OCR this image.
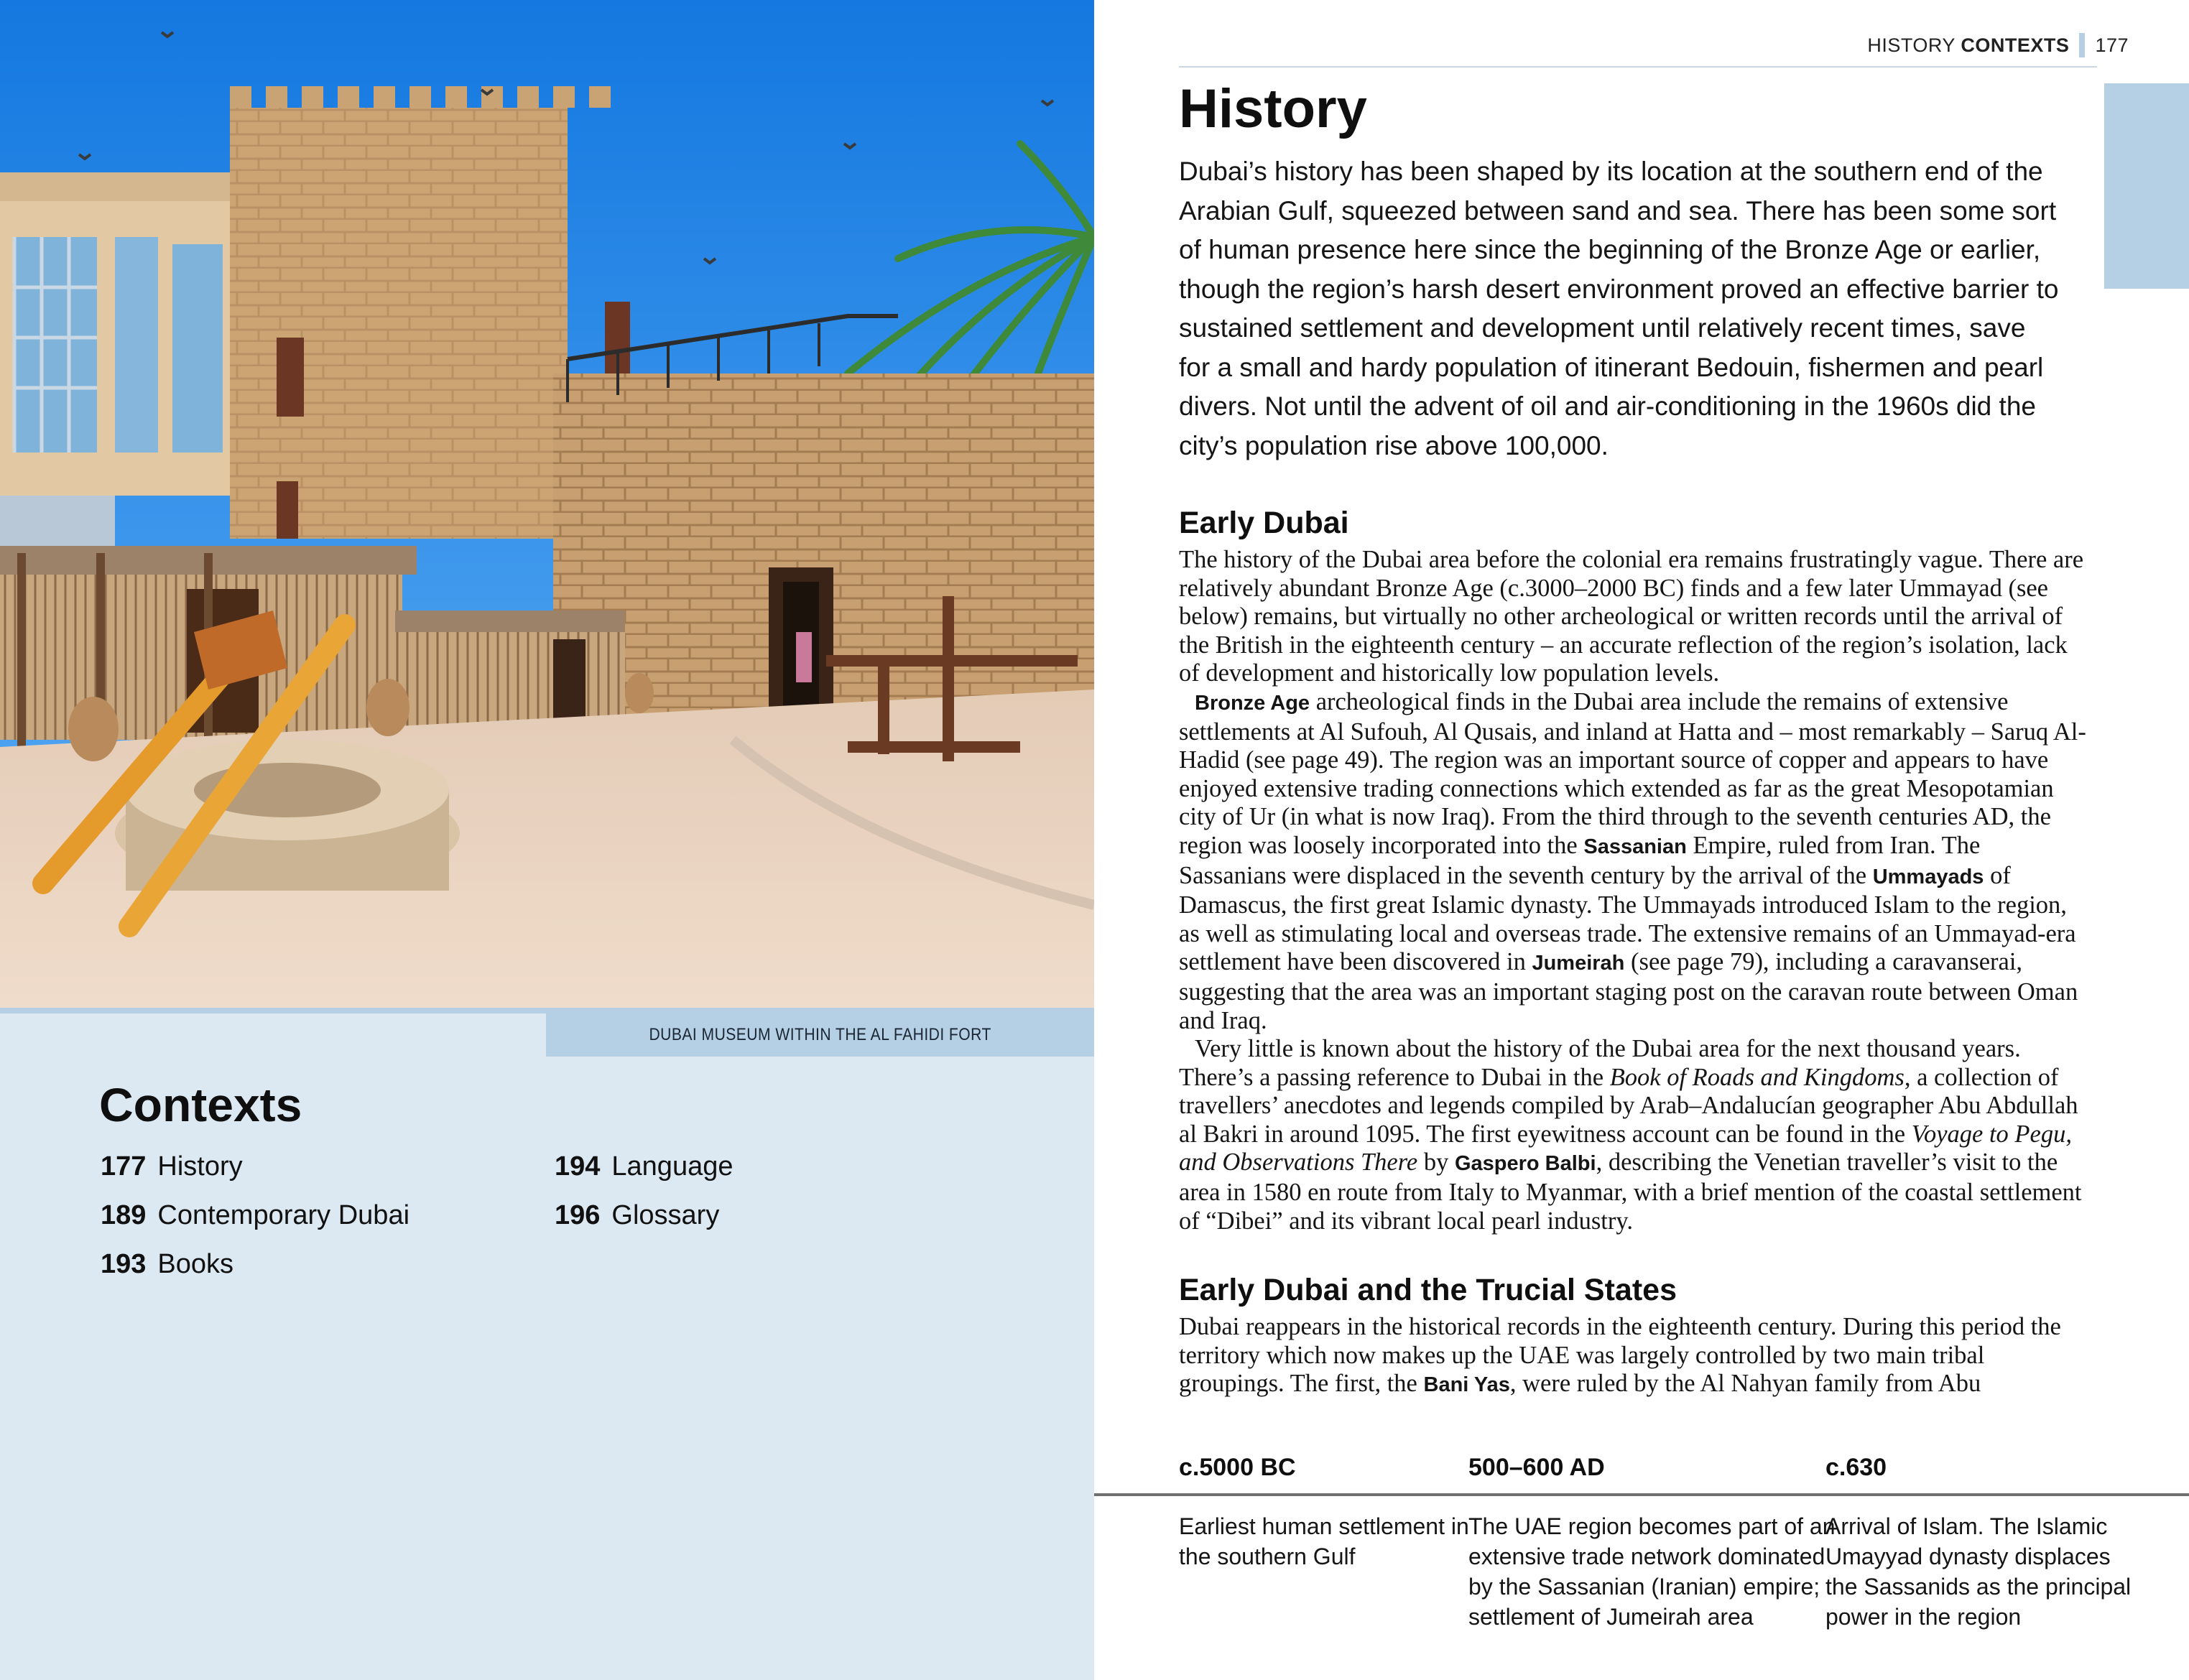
DUBAI MUSEUM WITHIN THE AL FAHIDI FORT
Contexts
177 History
189 Contemporary Dubai
193 Books
194 Language
196 Glossary
HISTORY CONTEXTS 177
History

Dubai’s history has been shaped by its location at the southern end of the Arabian Gulf, squeezed between sand and sea. There has been some sort of human presence here since the beginning of the Bronze Age or earlier, though the region’s harsh desert environment proved an effective barrier to sustained settlement and development until relatively recent times, save for a small and hardy population of itinerant Bedouin, fishermen and pearl divers. Not until the advent of oil and air-conditioning in the 1960s did the city’s population rise above 100,000.

Early Dubai

The history of the Dubai area before the colonial era remains frustratingly vague. There are relatively abundant Bronze Age (c.3000–2000 BC) finds and a few later Ummayad (see below) remains, but virtually no other archeological or written records until the arrival of the British in the eighteenth century – an accurate reflection of the region’s isolation, lack of development and historically low population levels.

Bronze Age archeological finds in the Dubai area include the remains of extensive settlements at Al Sufouh, Al Qusais, and inland at Hatta and – most remarkably – Saruq Al-Hadid (see page 49). The region was an important source of copper and appears to have enjoyed extensive trading connections which extended as far as the great Mesopotamian city of Ur (in what is now Iraq). From the third through to the seventh centuries AD, the region was loosely incorporated into the Sassanian Empire, ruled from Iran. The Sassanians were displaced in the seventh century by the arrival of the Ummayads of Damascus, the first great Islamic dynasty. The Ummayads introduced Islam to the region, as well as stimulating local and overseas trade. The extensive remains of an Ummayad-era settlement have been discovered in Jumeirah (see page 79), including a caravanserai, suggesting that the area was an important staging post on the caravan route between Oman and Iraq.

Very little is known about the history of the Dubai area for the next thousand years. There’s a passing reference to Dubai in the Book of Roads and Kingdoms, a collection of travellers’ anecdotes and legends compiled by Arab–Andalucían geographer Abu Abdullah al Bakri in around 1095. The first eyewitness account can be found in the Voyage to Pegu, and Observations There by Gaspero Balbi, describing the Venetian traveller’s visit to the area in 1580 en route from Italy to Myanmar, with a brief mention of the coastal settlement of “Dibei” and its vibrant local pearl industry.

Early Dubai and the Trucial States

Dubai reappears in the historical records in the eighteenth century. During this period the territory which now makes up the UAE was largely controlled by two main tribal groupings. The first, the Bani Yas, were ruled by the Al Nahyan family from Abu

c.5000 BC	500–600 AD	c.630
Earliest human settlement in
the southern Gulf
The UAE region becomes part of an
extensive trade network dominated
by the Sassanian (Iranian) empire;
settlement of Jumeirah area
Arrival of Islam. The Islamic
Umayyad dynasty displaces
the Sassanids as the principal
power in the region
